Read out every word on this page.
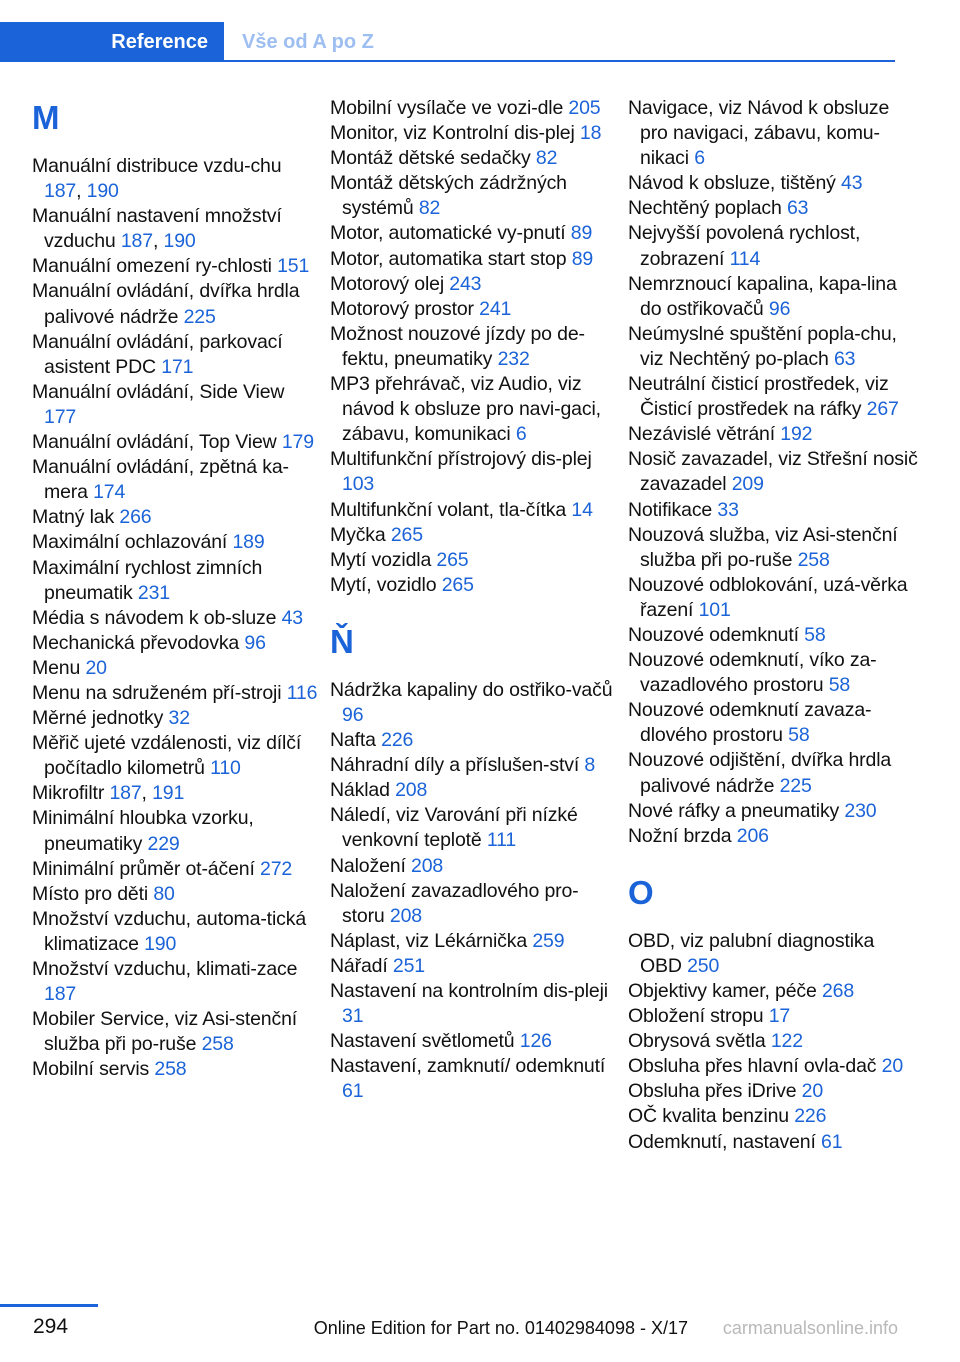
Reference	Vše od A po Z
M
Manuální distribuce vzdu‐chu 187, 190
Manuální nastavení množství vzduchu 187, 190
Manuální omezení ry‐chlosti 151
Manuální ovládání, dvířka hrdla palivové nádrže 225
Manuální ovládání, parkovací asistent PDC 171
Manuální ovládání, Side View 177
Manuální ovládání, Top View 179
Manuální ovládání, zpětná ka‐mera 174
Matný lak 266
Maximální ochlazování 189
Maximální rychlost zimních pneumatik 231
Média s návodem k ob‐sluze 43
Mechanická převodovka 96
Menu 20
Menu na sdruženém pří‐stroji 116
Měrné jednotky 32
Měřič ujeté vzdálenosti, viz dílčí počítadlo kilometrů 110
Mikrofiltr 187, 191
Minimální hloubka vzorku, pneumatiky 229
Minimální průměr ot‐áčení 272
Místo pro děti 80
Množství vzduchu, automa‐tická klimatizace 190
Množství vzduchu, klimati‐zace 187
Mobiler Service, viz Asi‐stenční služba při po‐ruše 258
Mobilní servis 258
Mobilní vysílače ve vozi‐dle 205
Monitor, viz Kontrolní dis‐plej 18
Montáž dětské sedačky 82
Montáž dětských zádržných systémů 82
Motor, automatické vy‐pnutí 89
Motor, automatika start stop 89
Motorový olej 243
Motorový prostor 241
Možnost nouzové jízdy po de‐fektu, pneumatiky 232
MP3 přehrávač, viz Audio, viz návod k obsluze pro navi‐gaci, zábavu, komunikaci 6
Multifunkční přístrojový dis‐plej 103
Multifunkční volant, tla‐čítka 14
Myčka 265
Mytí vozidla 265
Mytí, vozidlo 265
Ň
Nádržka kapaliny do ostřiko‐vačů 96
Nafta 226
Náhradní díly a příslušen‐ství 8
Náklad 208
Náledí, viz Varování při nízké venkovní teplotě 111
Naložení 208
Naložení zavazadlového pro‐storu 208
Náplast, viz Lékárnička 259
Nářadí 251
Nastavení na kontrolním dis‐pleji 31
Nastavení světlometů 126
Nastavení, zamknutí/ odemknutí 61
Navigace, viz Návod k obsluze pro navigaci, zábavu, komu‐nikaci 6
Návod k obsluze, tištěný 43
Nechtěný poplach 63
Nejvyšší povolená rychlost, zobrazení 114
Nemrznoucí kapalina, kapa‐lina do ostřikovačů 96
Neúmyslné spuštění popla‐chu, viz Nechtěný po‐plach 63
Neutrální čisticí prostředek, viz Čisticí prostředek na ráfky 267
Nezávislé větrání 192
Nosič zavazadel, viz Střešní nosič zavazadel 209
Notifikace 33
Nouzová služba, viz Asi‐stenční služba při po‐ruše 258
Nouzové odblokování, uzá‐věrka řazení 101
Nouzové odemknutí 58
Nouzové odemknutí, víko za‐vazadlového prostoru 58
Nouzové odemknutí zavaza‐dlového prostoru 58
Nouzové odjištění, dvířka hrdla palivové nádrže 225
Nové ráfky a pneumatiky 230
Nožní brzda 206
O
OBD, viz palubní diagnostika OBD 250
Objektivy kamer, péče 268
Obložení stropu 17
Obrysová světla 122
Obsluha přes hlavní ovla‐dač 20
Obsluha přes iDrive 20
OČ kvalita benzinu 226
Odemknutí, nastavení 61
294	Online Edition for Part no. 01402984098 - X/17 carmanualsonline.info
